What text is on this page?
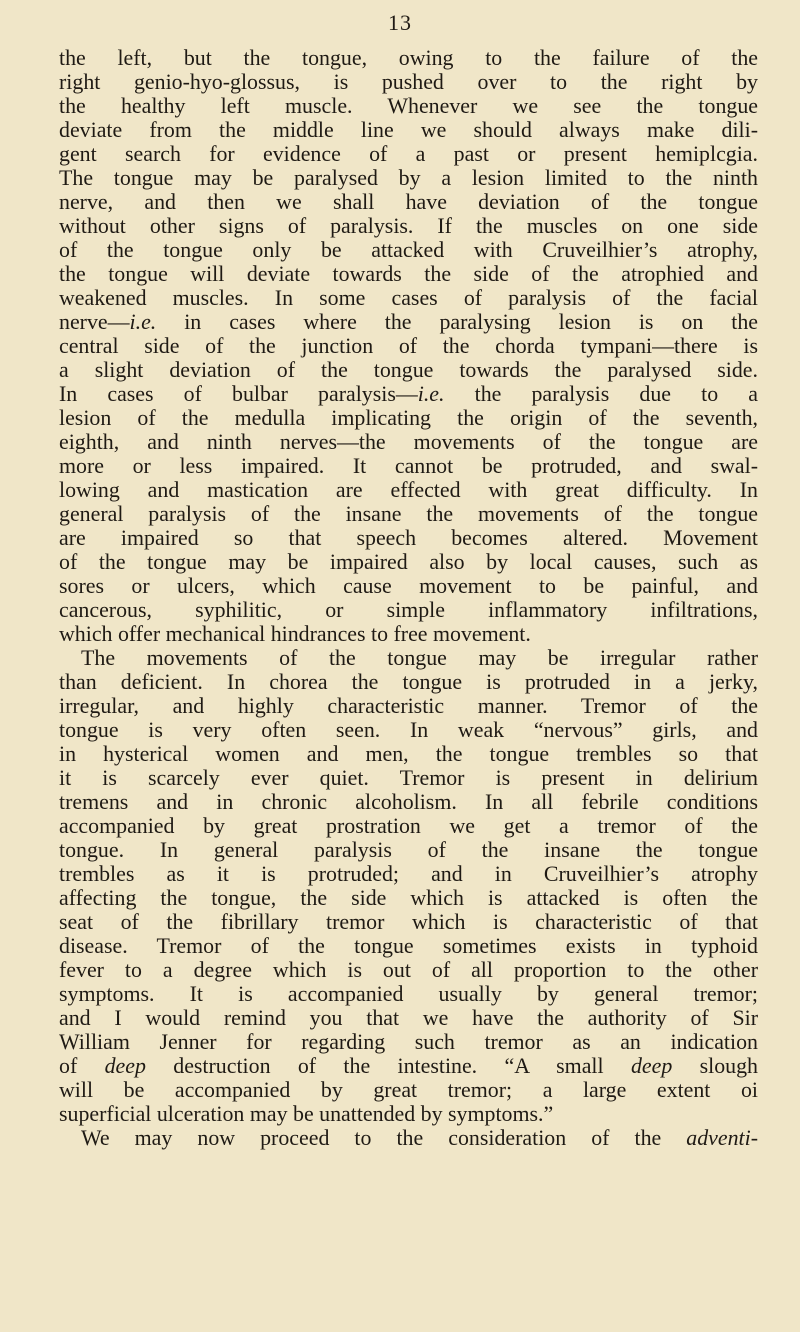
13
the left, but the tongue, owing to the failure of the
right genio-hyo-glossus, is pushed over to the right by
the healthy left muscle. Whenever we see the tongue
deviate from the middle line we should always make dili-
gent search for evidence of a past or present hemiplcgia.
The tongue may be paralysed by a lesion limited to the ninth
nerve, and then we shall have deviation of the tongue
without other signs of paralysis. If the muscles on one side
of the tongue only be attacked with Cruveilhier’s atrophy,
the tongue will deviate towards the side of the atrophied and
weakened muscles. In some cases of paralysis of the facial
nerve—i.e. in cases where the paralysing lesion is on the
central side of the junction of the chorda tympani—there is
a slight deviation of the tongue towards the paralysed side.
In cases of bulbar paralysis—i.e. the paralysis due to a
lesion of the medulla implicating the origin of the seventh,
eighth, and ninth nerves—the movements of the tongue are
more or less impaired. It cannot be protruded, and swal-
lowing and mastication are effected with great difficulty. In
general paralysis of the insane the movements of the tongue
are impaired so that speech becomes altered. Movement
of the tongue may be impaired also by local causes, such as
sores or ulcers, which cause movement to be painful, and
cancerous, syphilitic, or simple inflammatory infiltrations,
which offer mechanical hindrances to free movement.
The movements of the tongue may be irregular rather
than deficient. In chorea the tongue is protruded in a jerky,
irregular, and highly characteristic manner. Tremor of the
tongue is very often seen. In weak “nervous” girls, and
in hysterical women and men, the tongue trembles so that
it is scarcely ever quiet. Tremor is present in delirium
tremens and in chronic alcoholism. In all febrile conditions
accompanied by great prostration we get a tremor of the
tongue. In general paralysis of the insane the tongue
trembles as it is protruded; and in Cruveilhier’s atrophy
affecting the tongue, the side which is attacked is often the
seat of the fibrillary tremor which is characteristic of that
disease. Tremor of the tongue sometimes exists in typhoid
fever to a degree which is out of all proportion to the other
symptoms. It is accompanied usually by general tremor;
and I would remind you that we have the authority of Sir
William Jenner for regarding such tremor as an indication
of deep destruction of the intestine. “A small deep slough
will be accompanied by great tremor; a large extent oi
superficial ulceration may be unattended by symptoms.”
We may now proceed to the consideration of the adventi-
